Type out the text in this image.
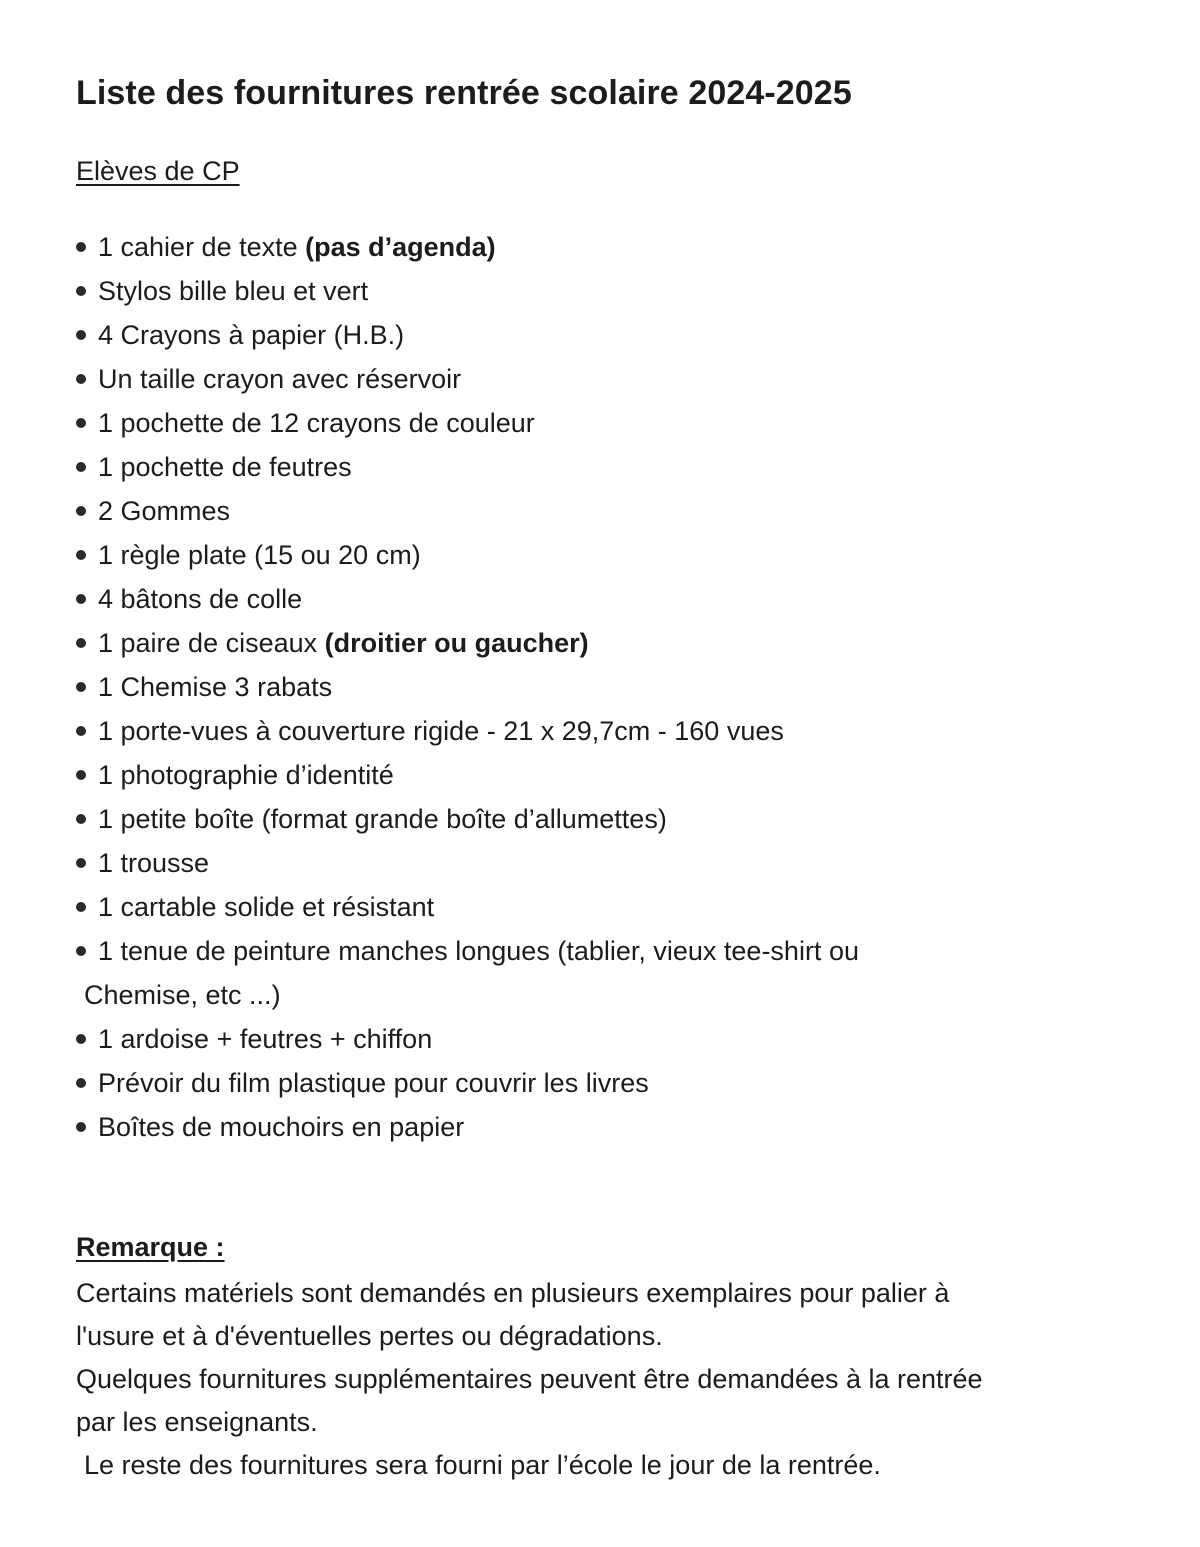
Liste des fournitures rentrée scolaire 2024-2025
Elèves de CP
1 cahier de texte (pas d’agenda)
Stylos bille bleu et vert
4 Crayons à papier (H.B.)
Un taille crayon avec réservoir
1 pochette de 12 crayons de couleur
1 pochette de feutres
2 Gommes
1 règle plate (15 ou 20 cm)
4 bâtons de colle
1 paire de ciseaux (droitier ou gaucher)
1 Chemise 3 rabats
1 porte-vues à couverture rigide - 21 x 29,7cm - 160 vues
1 photographie d’identité
1 petite boîte (format grande boîte d’allumettes)
1 trousse
1 cartable solide et résistant
1 tenue de peinture manches longues (tablier, vieux tee-shirt ou
Chemise, etc ...)
1 ardoise + feutres + chiffon
Prévoir du film plastique pour couvrir les livres
Boîtes de mouchoirs en papier
Remarque :
Certains matériels sont demandés en plusieurs exemplaires pour palier à
l'usure et à d'éventuelles pertes ou dégradations.
Quelques fournitures supplémentaires peuvent être demandées à la rentrée
par les enseignants.
Le reste des fournitures sera fourni par l’école le jour de la rentrée.
